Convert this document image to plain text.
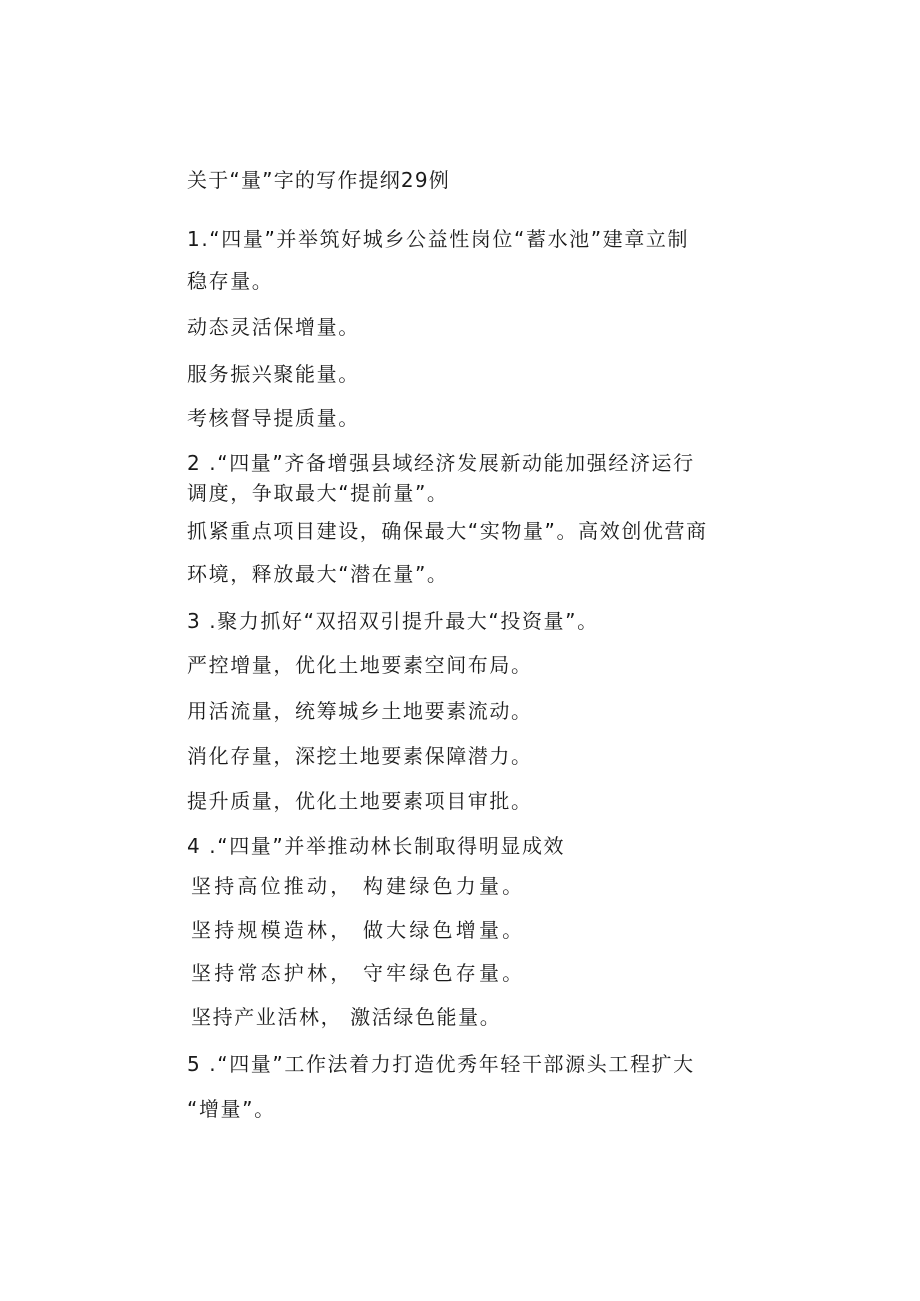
关于“量”字的写作提纲29例
1.“四量”并举筑好城乡公益性岗位“蓄水池”建章立制
稳存量。
动态灵活保增量。
服务振兴聚能量。
考核督导提质量。
2 .“四量”齐备增强县域经济发展新动能加强经济运行
调度，争取最大“提前量”。
抓紧重点项目建设，确保最大“实物量”。高效创优营商
环境，释放最大“潜在量”。
3 .聚力抓好“双招双引提升最大“投资量”。
严控增量，优化土地要素空间布局。
用活流量，统筹城乡土地要素流动。
消化存量，深挖土地要素保障潜力。
提升质量，优化土地要素项目审批。
4 .“四量”并举推动林长制取得明显成效
坚持高位推动， 构建绿色力量。
坚持规模造林， 做大绿色增量。
坚持常态护林， 守牢绿色存量。
坚持产业活林， 激活绿色能量。
5 .“四量”工作法着力打造优秀年轻干部源头工程扩大
“增量”。
